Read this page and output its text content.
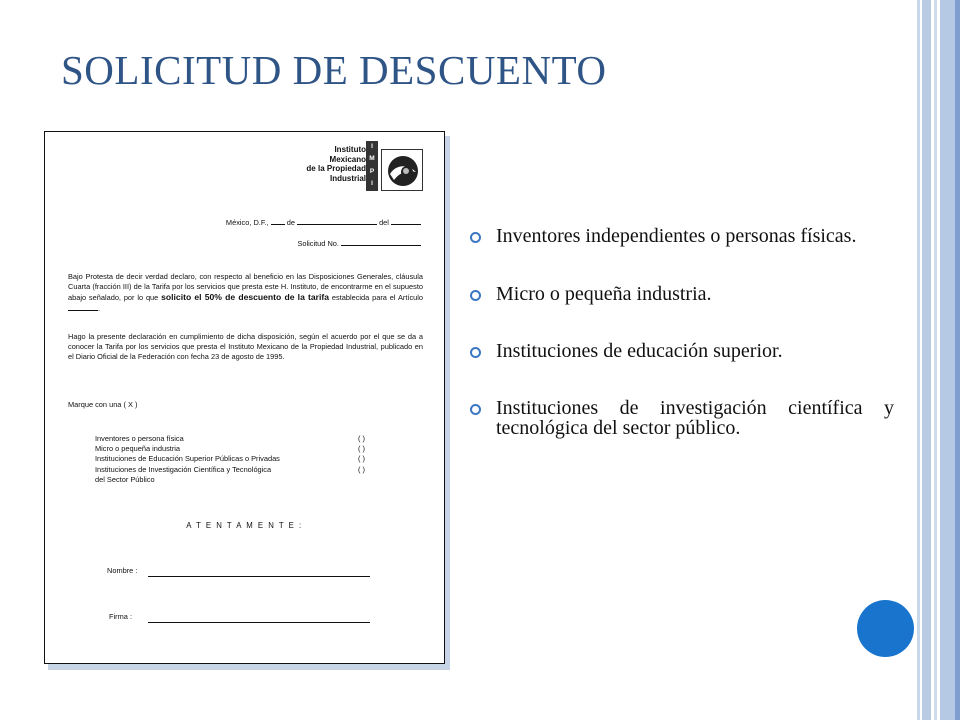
SOLICITUD DE DESCUENTO
Instituto
Mexicano
de la Propiedad
Industrial
I
M
P
I
México, D.F.,  de	del
Solicitud No.
Bajo Protesta de decir verdad declaro, con respecto al beneficio en las Disposiciones Generales, cláusula Cuarta (fracción III) de la Tarifa por los servicios que presta este H. Instituto, de encontrarme en el supuesto abajo señalado, por lo que solicito el 50% de descuento de la tarifa establecida para el Artículo .
Hago la presente declaración en cumplimiento de dicha disposición, según el acuerdo por el que se da a conocer la Tarifa por los servicios que presta el Instituto Mexicano de la Propiedad Industrial, publicado en el Diario Oficial de la Federación con fecha 23 de agosto de 1995.
Marque con una ( X )
Inventores o persona física	( )
Micro o pequeña industria	( )
Instituciones de Educación Superior Públicas o Privadas	( )
Instituciones de Investigación Científica y Tecnológica	( )
del Sector Público
A T E N T A M E N T E :
Nombre :
Firma :
Inventores independientes o personas físicas.
Micro o pequeña industria.
Instituciones de educación superior.
Instituciones de investigación científica y tecnológica del sector público.
